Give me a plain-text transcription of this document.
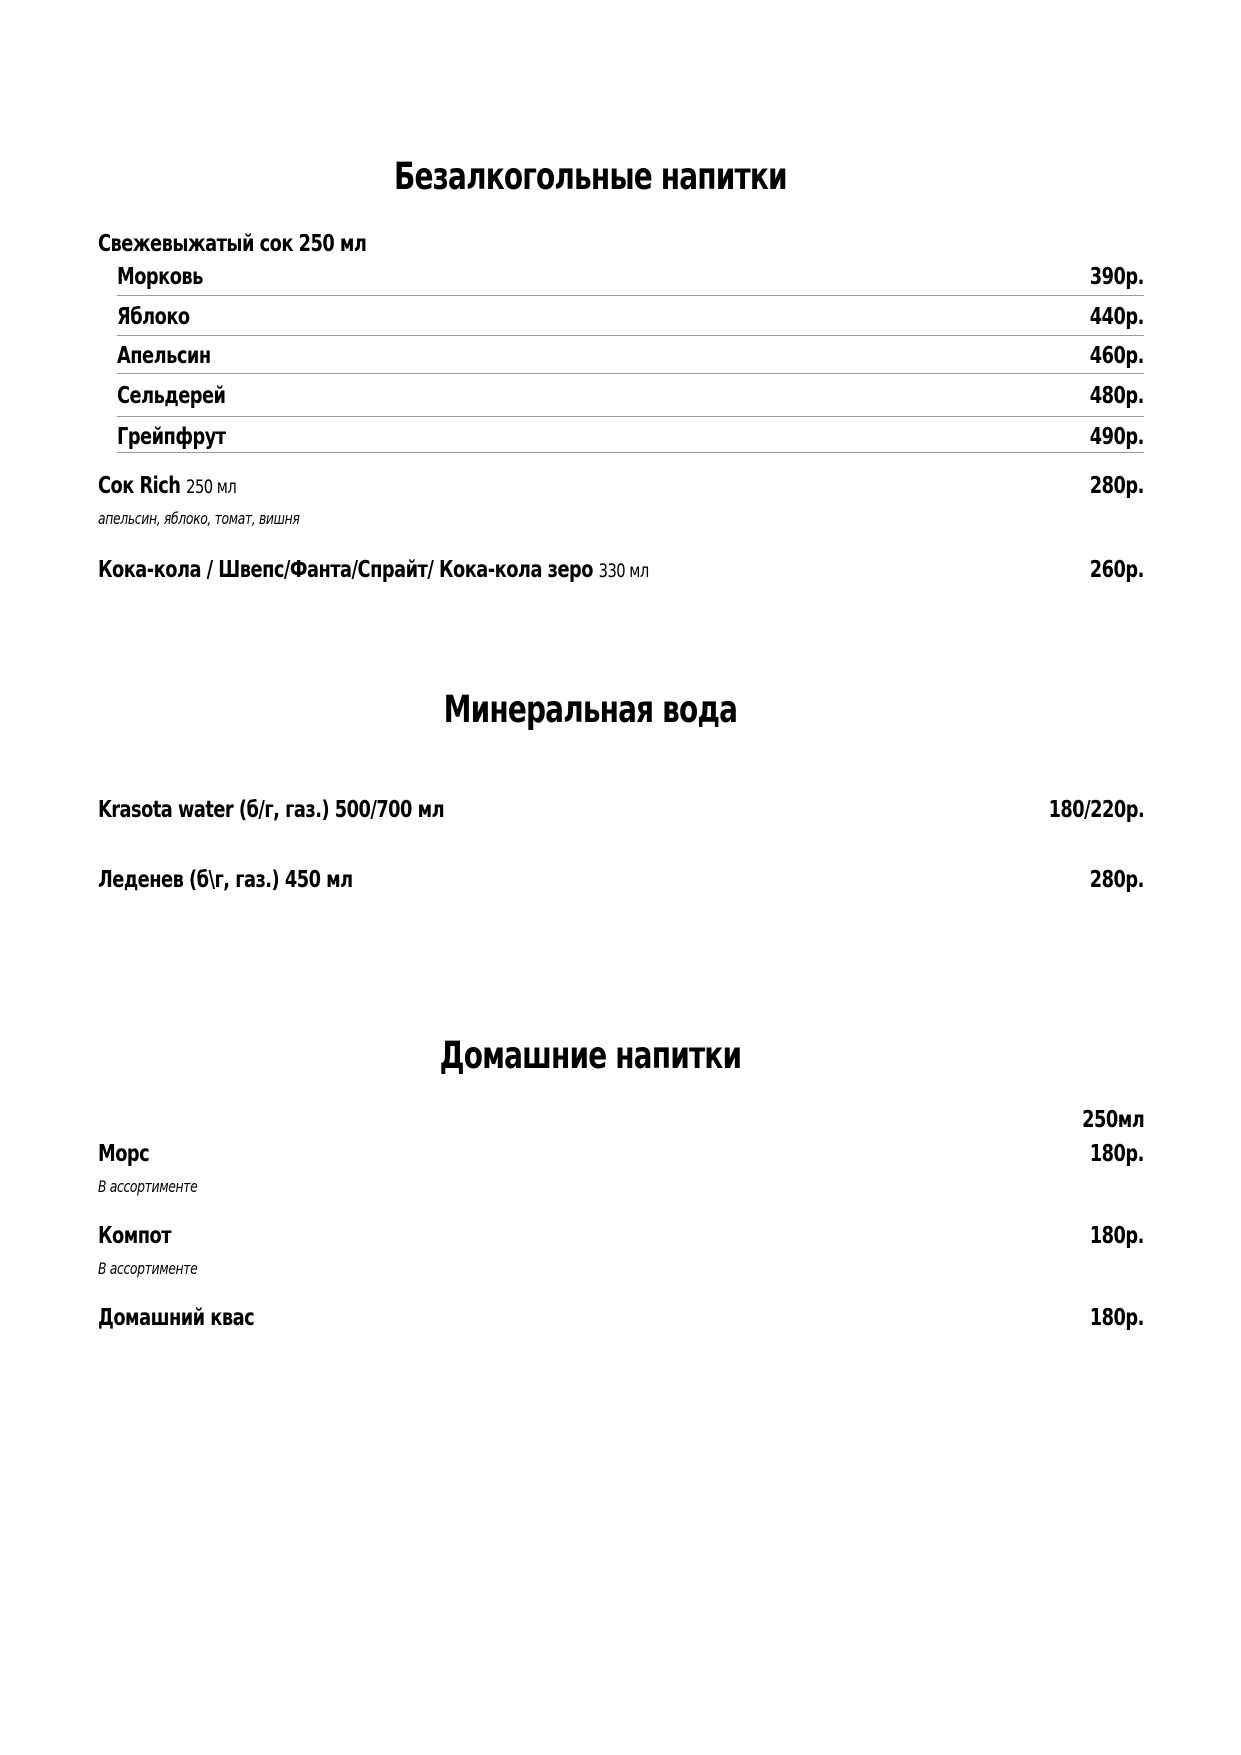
Безалкогольные напитки
Свежевыжатый сок 250 мл
Морковь	390р.
Яблоко	440р.
Апельсин	460р.
Сельдерей	480р.
Грейпфрут	490р.
Сок Rich 250 мл	280р.
апельсин, яблоко, томат, вишня
Кока-кола / Швепс/Фанта/Спрайт/ Кока-кола зеро 330 мл	260р.
Минеральная вода
Krasota water (б/г, газ.) 500/700 мл	180/220р.
Леденев (б\г, газ.) 450 мл	280р.
Домашние напитки
250мл
Морс	180р.
В ассортименте
Компот	180р.
В ассортименте
Домашний квас	180р.
